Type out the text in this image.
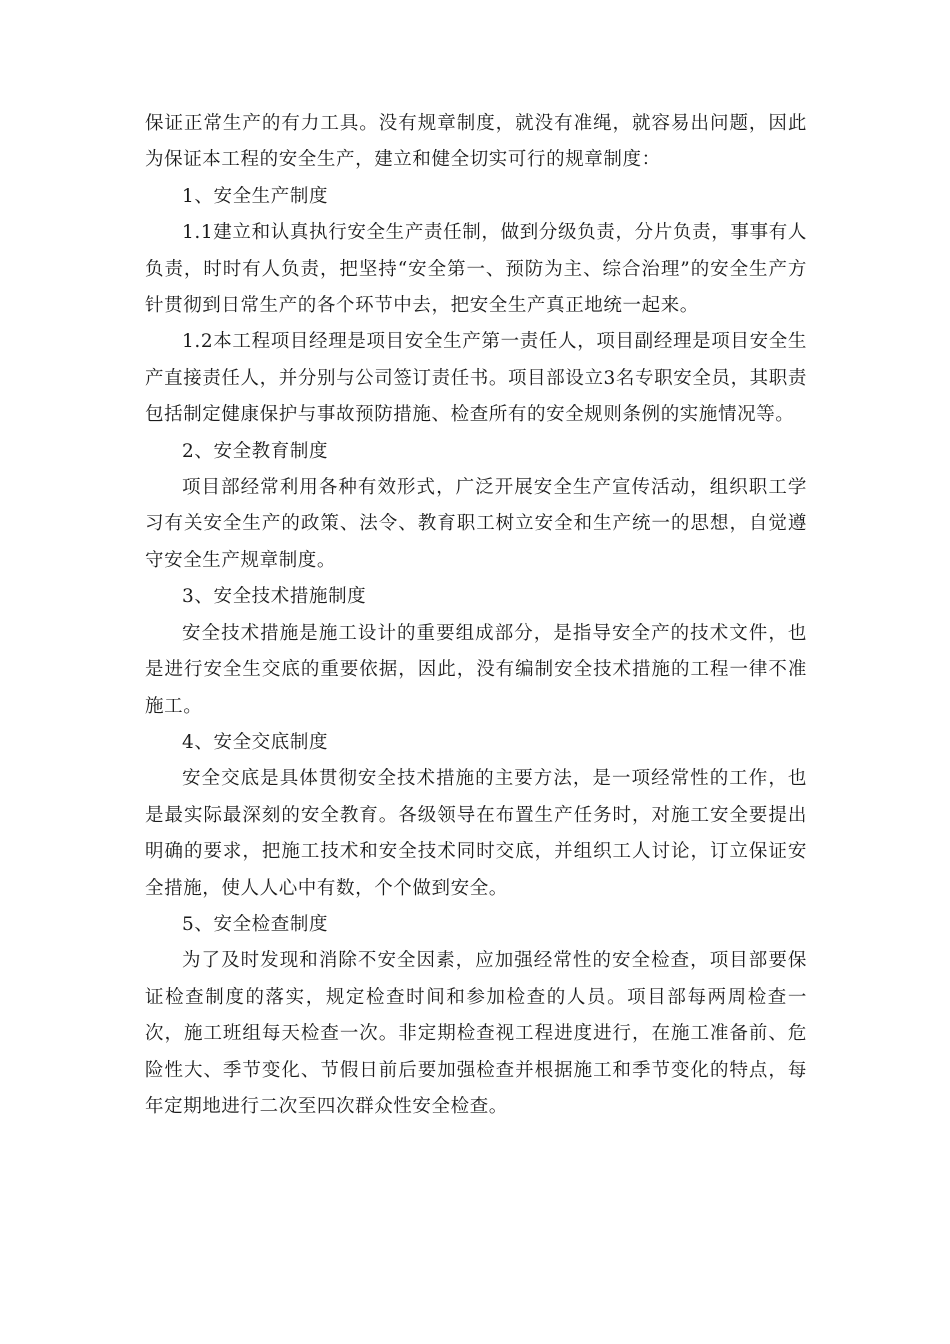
保证正常生产的有力工具。没有规章制度，就没有准绳，就容易出问题，因此为保证本工程的安全生产，建立和健全切实可行的规章制度：

1、安全生产制度

1.1建立和认真执行安全生产责任制，做到分级负责，分片负责，事事有人负责，时时有人负责，把坚持“安全第一、预防为主、综合治理”的安全生产方针贯彻到日常生产的各个环节中去，把安全生产真正地统一起来。

1.2本工程项目经理是项目安全生产第一责任人，项目副经理是项目安全生产直接责任人，并分别与公司签订责任书。项目部设立3名专职安全员，其职责包括制定健康保护与事故预防措施、检查所有的安全规则条例的实施情况等。

2、安全教育制度

项目部经常利用各种有效形式，广泛开展安全生产宣传活动，组织职工学习有关安全生产的政策、法令、教育职工树立安全和生产统一的思想，自觉遵守安全生产规章制度。

3、安全技术措施制度

安全技术措施是施工设计的重要组成部分，是指导安全产的技术文件，也是进行安全生交底的重要依据，因此，没有编制安全技术措施的工程一律不准施工。

4、安全交底制度

安全交底是具体贯彻安全技术措施的主要方法，是一项经常性的工作，也是最实际最深刻的安全教育。各级领导在布置生产任务时，对施工安全要提出明确的要求，把施工技术和安全技术同时交底，并组织工人讨论，订立保证安全措施，使人人心中有数，个个做到安全。

5、安全检查制度

为了及时发现和消除不安全因素，应加强经常性的安全检查，项目部要保证检查制度的落实，规定检查时间和参加检查的人员。项目部每两周检查一次，施工班组每天检查一次。非定期检查视工程进度进行，在施工准备前、危险性大、季节变化、节假日前后要加强检查并根据施工和季节变化的特点，每年定期地进行二次至四次群众性安全检查。
